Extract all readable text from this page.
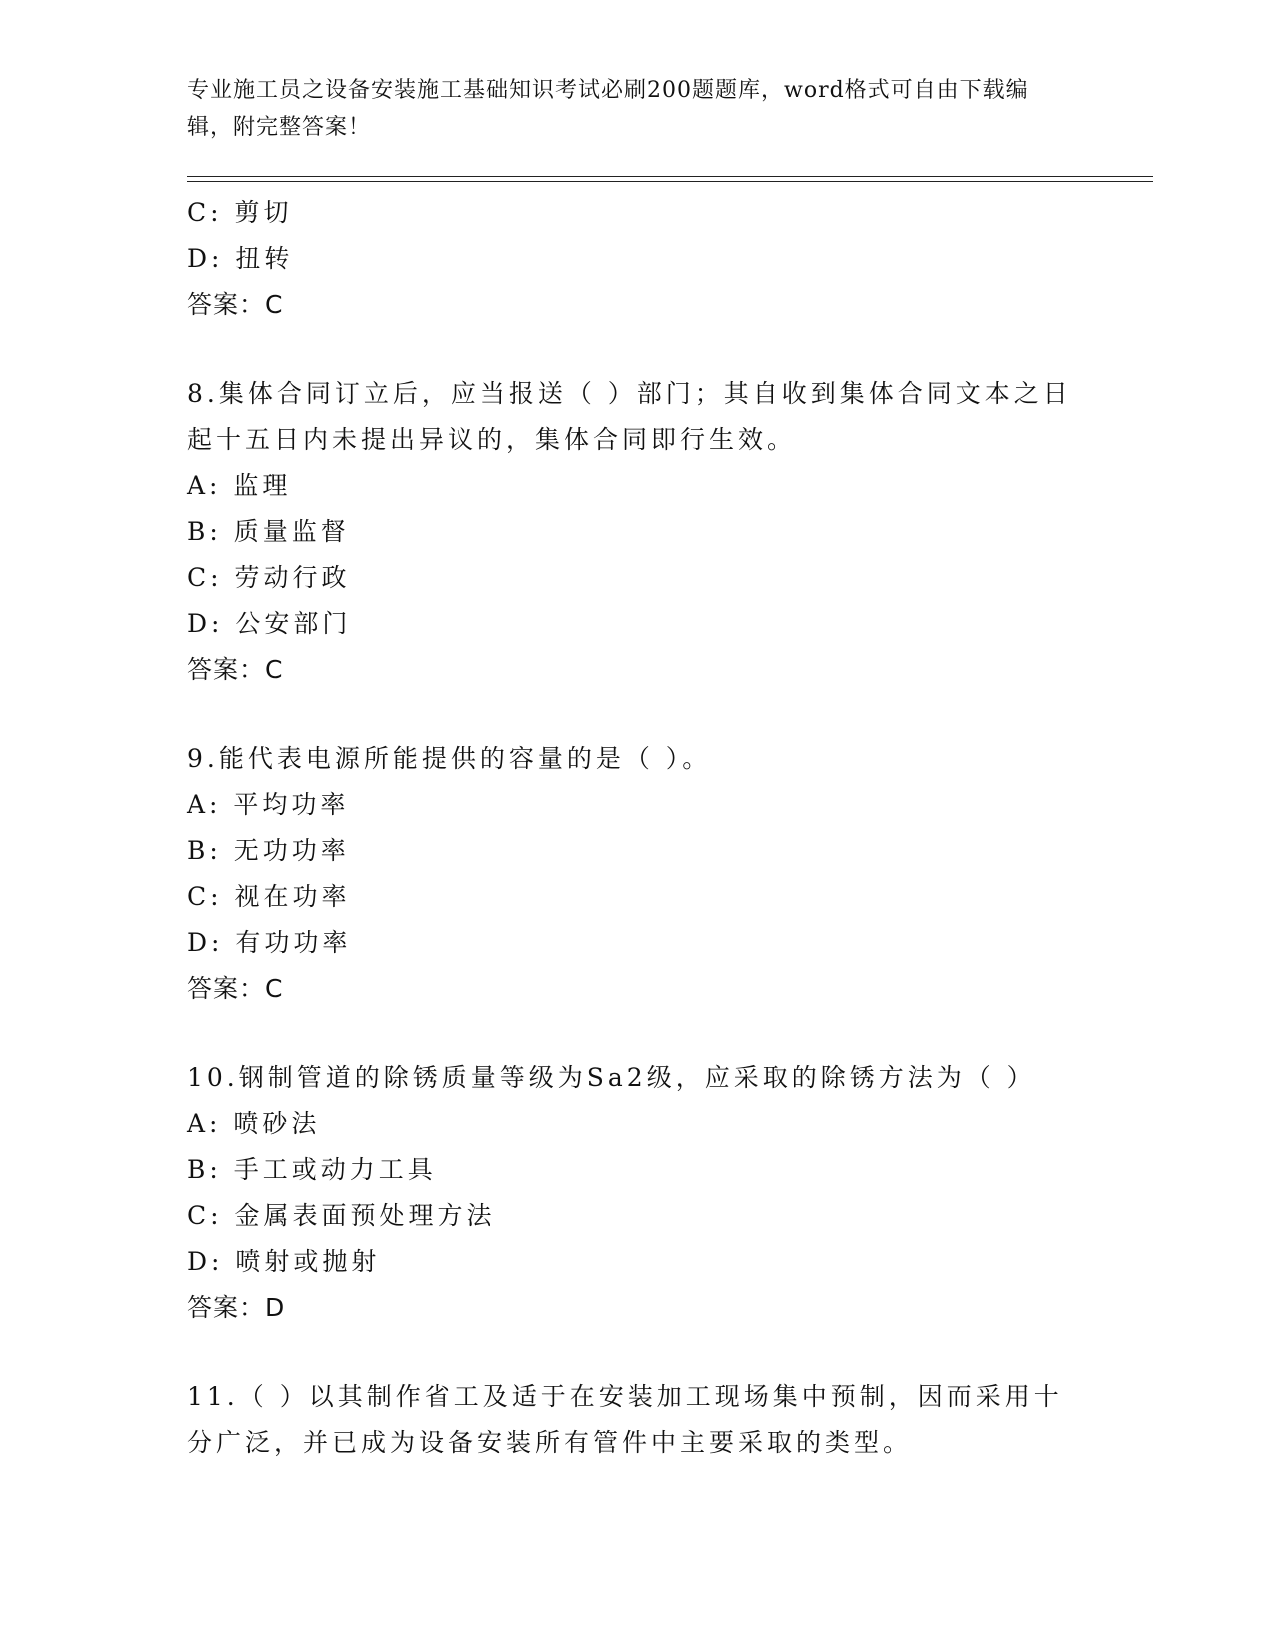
专业施工员之设备安装施工基础知识考试必刷200题题库，word格式可自由下载编辑，附完整答案！
C: 剪切
D: 扭转
答案：C
8.集体合同订立后，应当报送（ ）部门；其自收到集体合同文本之日
起十五日内未提出异议的，集体合同即行生效。
A: 监理
B: 质量监督
C: 劳动行政
D: 公安部门
答案：C
9.能代表电源所能提供的容量的是（ ）。
A: 平均功率
B: 无功功率
C: 视在功率
D: 有功功率
答案：C
10.钢制管道的除锈质量等级为Sa2级，应采取的除锈方法为（ ）
A: 喷砂法
B: 手工或动力工具
C: 金属表面预处理方法
D: 喷射或抛射
答案：D
11.（ ）以其制作省工及适于在安装加工现场集中预制，因而采用十
分广泛，并已成为设备安装所有管件中主要采取的类型。
